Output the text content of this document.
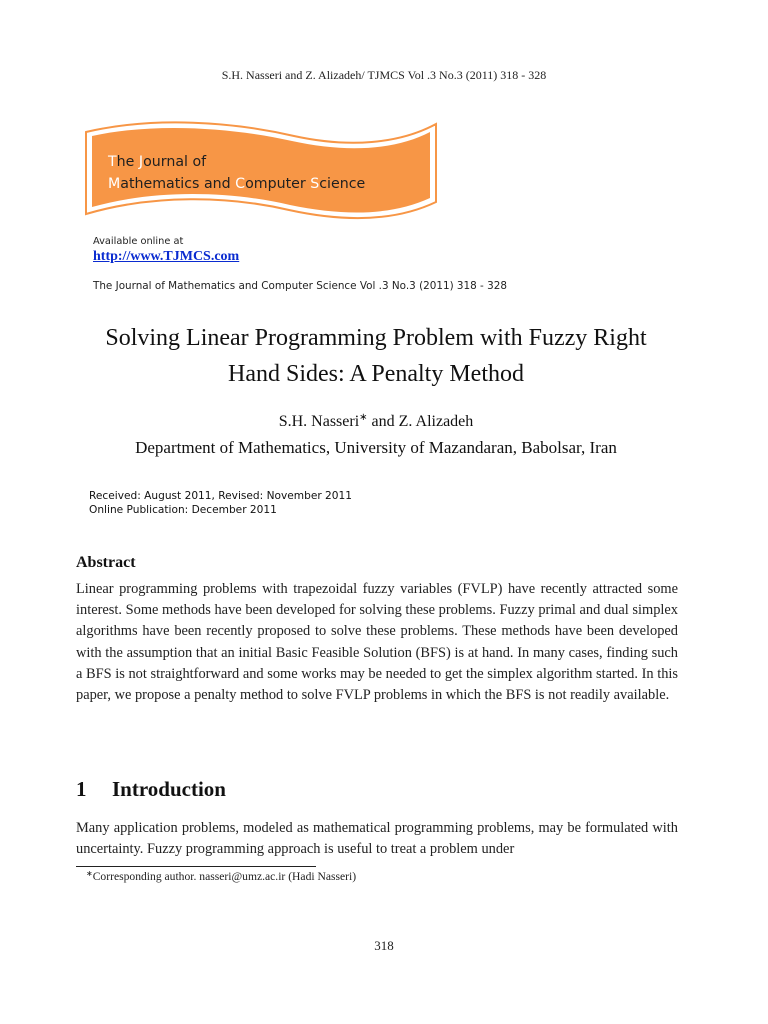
S.H. Nasseri and Z. Alizadeh/ TJMCS Vol .3 No.3 (2011) 318 - 328
The Journal of
Mathematics and Computer Science
Available online at
http://www.TJMCS.com
The Journal of Mathematics and Computer Science Vol .3 No.3 (2011) 318 - 328
Solving Linear Programming Problem with Fuzzy Right
Hand Sides: A Penalty Method
S.H. Nasseri∗ and Z. Alizadeh
Department of Mathematics, University of Mazandaran, Babolsar, Iran
Received: August 2011, Revised: November 2011
Online Publication: December 2011
Abstract
Linear programming problems with trapezoidal fuzzy variables (FVLP) have recently attracted some interest. Some methods have been developed for solving these problems. Fuzzy primal and dual simplex algorithms have been recently proposed to solve these problems. These methods have been developed with the assumption that an initial Basic Feasible Solution (BFS) is at hand. In many cases, finding such a BFS is not straightforward and some works may be needed to get the simplex algorithm started. In this paper, we propose a penalty method to solve FVLP problems in which the BFS is not readily available.
1 Introduction
Many application problems, modeled as mathematical programming problems, may be formulated with uncertainty. Fuzzy programming approach is useful to treat a problem under
∗Corresponding author. nasseri@umz.ac.ir (Hadi Nasseri)
318
